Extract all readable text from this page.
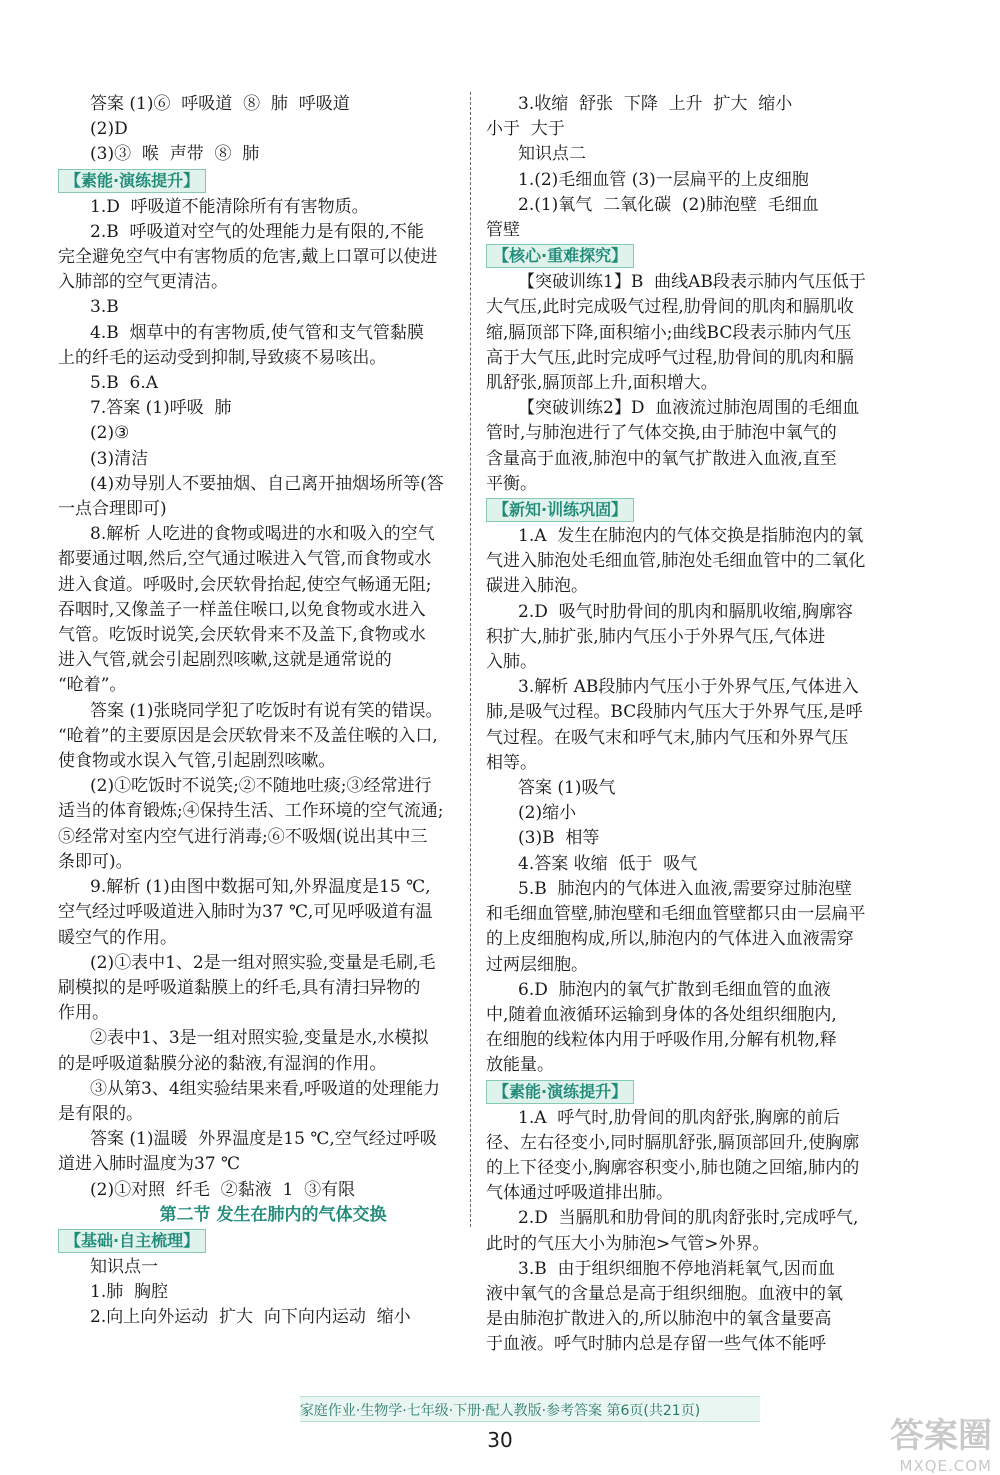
答案 (1)⑥  呼吸道  ⑧  肺  呼吸道
(2)D
(3)③  喉  声带  ⑧  肺
【素能·演练提升】
1.D  呼吸道不能清除所有有害物质。
2.B  呼吸道对空气的处理能力是有限的,不能
完全避免空气中有害物质的危害,戴上口罩可以使进
入肺部的空气更清洁。
3.B
4.B  烟草中的有害物质,使气管和支气管黏膜
上的纤毛的运动受到抑制,导致痰不易咳出。
5.B  6.A
7.答案 (1)呼吸  肺
(2)③
(3)清洁
(4)劝导别人不要抽烟、自己离开抽烟场所等(答
一点合理即可)
8.解析 人吃进的食物或喝进的水和吸入的空气
都要通过咽,然后,空气通过喉进入气管,而食物或水
进入食道。呼吸时,会厌软骨抬起,使空气畅通无阻;
吞咽时,又像盖子一样盖住喉口,以免食物或水进入
气管。吃饭时说笑,会厌软骨来不及盖下,食物或水
进入气管,就会引起剧烈咳嗽,这就是通常说的
“呛着”。
答案 (1)张晓同学犯了吃饭时有说有笑的错误。
“呛着”的主要原因是会厌软骨来不及盖住喉的入口,
使食物或水误入气管,引起剧烈咳嗽。
(2)①吃饭时不说笑;②不随地吐痰;③经常进行
适当的体育锻炼;④保持生活、工作环境的空气流通;
⑤经常对室内空气进行消毒;⑥不吸烟(说出其中三
条即可)。
9.解析 (1)由图中数据可知,外界温度是15 ℃,
空气经过呼吸道进入肺时为37 ℃,可见呼吸道有温
暖空气的作用。
(2)①表中1、2是一组对照实验,变量是毛刷,毛
刷模拟的是呼吸道黏膜上的纤毛,具有清扫异物的
作用。
②表中1、3是一组对照实验,变量是水,水模拟
的是呼吸道黏膜分泌的黏液,有湿润的作用。
③从第3、4组实验结果来看,呼吸道的处理能力
是有限的。
答案 (1)温暖  外界温度是15 ℃,空气经过呼吸
道进入肺时温度为37 ℃
(2)①对照  纤毛  ②黏液  1  ③有限
第二节 发生在肺内的气体交换
【基础·自主梳理】
知识点一
1.肺  胸腔
2.向上向外运动  扩大  向下向内运动  缩小
3.收缩  舒张  下降  上升  扩大  缩小
小于  大于
知识点二
1.(2)毛细血管 (3)一层扁平的上皮细胞
2.(1)氧气  二氧化碳  (2)肺泡壁  毛细血
管壁
【核心·重难探究】
【突破训练1】B  曲线AB段表示肺内气压低于
大气压,此时完成吸气过程,肋骨间的肌肉和膈肌收
缩,膈顶部下降,面积缩小;曲线BC段表示肺内气压
高于大气压,此时完成呼气过程,肋骨间的肌肉和膈
肌舒张,膈顶部上升,面积增大。
【突破训练2】D  血液流过肺泡周围的毛细血
管时,与肺泡进行了气体交换,由于肺泡中氧气的
含量高于血液,肺泡中的氧气扩散进入血液,直至
平衡。
【新知·训练巩固】
1.A  发生在肺泡内的气体交换是指肺泡内的氧
气进入肺泡处毛细血管,肺泡处毛细血管中的二氧化
碳进入肺泡。
2.D  吸气时肋骨间的肌肉和膈肌收缩,胸廓容
积扩大,肺扩张,肺内气压小于外界气压,气体进
入肺。
3.解析 AB段肺内气压小于外界气压,气体进入
肺,是吸气过程。BC段肺内气压大于外界气压,是呼
气过程。在吸气末和呼气末,肺内气压和外界气压
相等。
答案 (1)吸气
(2)缩小
(3)B  相等
4.答案 收缩  低于  吸气
5.B  肺泡内的气体进入血液,需要穿过肺泡壁
和毛细血管壁,肺泡壁和毛细血管壁都只由一层扁平
的上皮细胞构成,所以,肺泡内的气体进入血液需穿
过两层细胞。
6.D  肺泡内的氧气扩散到毛细血管的血液
中,随着血液循环运输到身体的各处组织细胞内,
在细胞的线粒体内用于呼吸作用,分解有机物,释
放能量。
【素能·演练提升】
1.A  呼气时,肋骨间的肌肉舒张,胸廓的前后
径、左右径变小,同时膈肌舒张,膈顶部回升,使胸廓
的上下径变小,胸廓容积变小,肺也随之回缩,肺内的
气体通过呼吸道排出肺。
2.D  当膈肌和肋骨间的肌肉舒张时,完成呼气,
此时的气压大小为肺泡>气管>外界。
3.B  由于组织细胞不停地消耗氧气,因而血
液中氧气的含量总是高于组织细胞。血液中的氧
是由肺泡扩散进入的,所以肺泡中的氧含量要高
于血液。呼气时肺内总是存留一些气体不能呼
家庭作业·生物学·七年级·下册·配人教版·参考答案 第6页(共21页)
30	答案圈
MXQE.COM
